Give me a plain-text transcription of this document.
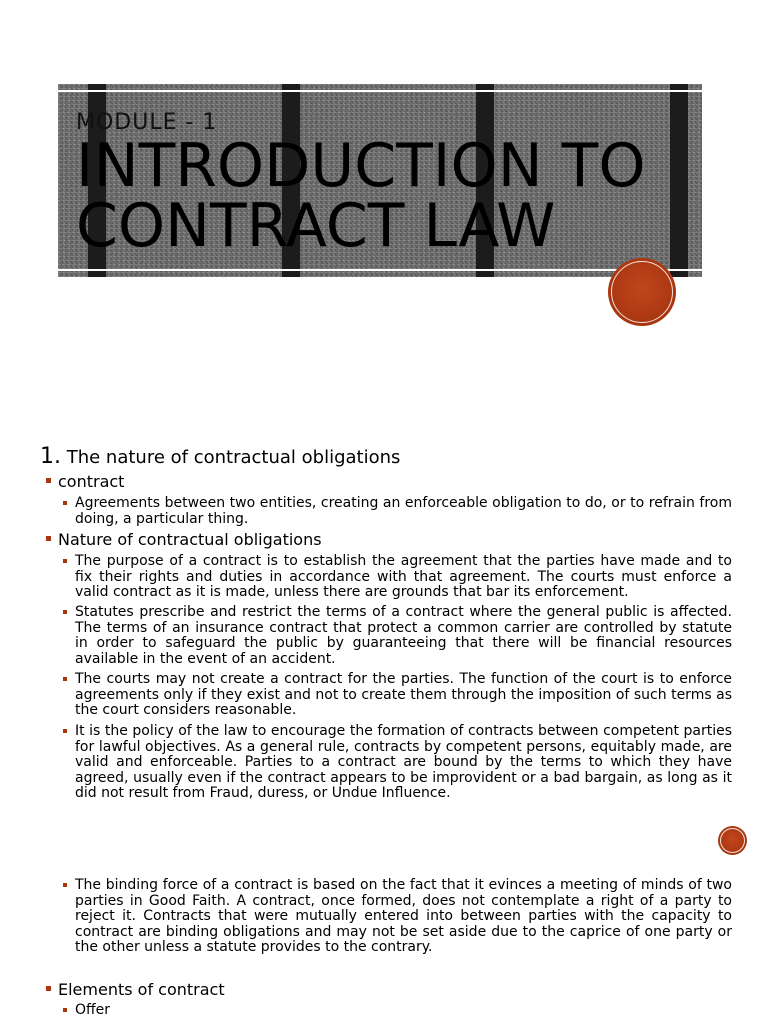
MODULE - 1
INTRODUCTION TO CONTRACT LAW
1. The nature of contractual obligations
contract
Agreements between two entities, creating an enforceable obligation to do, or to refrain from doing, a particular thing.
Nature of contractual obligations
The purpose of a contract is to establish the agreement that the parties have made and to fix their rights and duties in accordance with that agreement. The courts must enforce a valid contract as it is made, unless there are grounds that bar its enforcement.
Statutes prescribe and restrict the terms of a contract where the general public is affected. The terms of an insurance contract that protect a common carrier are controlled by statute in order to safeguard the public by guaranteeing that there will be financial resources available in the event of an accident.
The courts may not create a contract for the parties. The function of the court is to enforce agreements only if they exist and not to create them through the imposition of such terms as the court considers reasonable.
It is the policy of the law to encourage the formation of contracts between competent parties for lawful objectives. As a general rule, contracts by competent persons, equitably made, are valid and enforceable. Parties to a contract are bound by the terms to which they have agreed, usually even if the contract appears to be improvident or a bad bargain, as long as it did not result from Fraud, duress, or Undue Influence.
The binding force of a contract is based on the fact that it evinces a meeting of minds of two parties in Good Faith. A contract, once formed, does not contemplate a right of a party to reject it. Contracts that were mutually entered into between parties with the capacity to contract are binding obligations and may not be set aside due to the caprice of one party or the other unless a statute provides to the contrary.
Elements of contract
Offer
